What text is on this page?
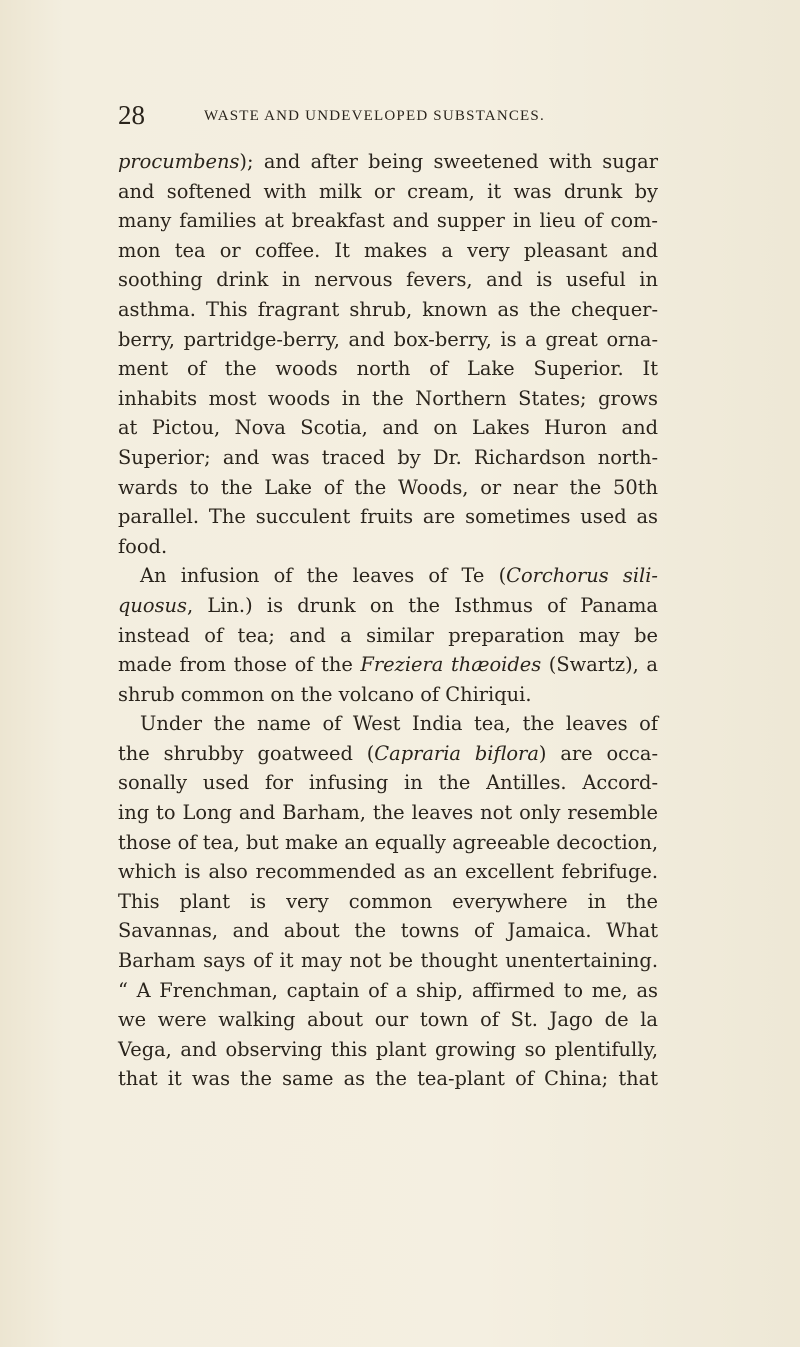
28	WASTE AND UNDEVELOPED SUBSTANCES.
procumbens); and after being sweetened with sugar
and softened with milk or cream, it was drunk by
many families at breakfast and supper in lieu of com-
mon tea or coffee. It makes a very pleasant and
soothing drink in nervous fevers, and is useful in
asthma. This fragrant shrub, known as the chequer-
berry, partridge-berry, and box-berry, is a great orna-
ment of the woods north of Lake Superior. It
inhabits most woods in the Northern States; grows
at Pictou, Nova Scotia, and on Lakes Huron and
Superior; and was traced by Dr. Richardson north-
wards to the Lake of the Woods, or near the 50th
parallel. The succulent fruits are sometimes used as
food.
An infusion of the leaves of Te (Corchorus sili-
quosus, Lin.) is drunk on the Isthmus of Panama
instead of tea; and a similar preparation may be
made from those of the Freziera thæoides (Swartz), a
shrub common on the volcano of Chiriqui.
Under the name of West India tea, the leaves of
the shrubby goatweed (Capraria biflora) are occa-
sonally used for infusing in the Antilles. Accord-
ing to Long and Barham, the leaves not only resemble
those of tea, but make an equally agreeable decoction,
which is also recommended as an excellent febrifuge.
This plant is very common everywhere in the
Savannas, and about the towns of Jamaica. What
Barham says of it may not be thought unentertaining.
“ A Frenchman, captain of a ship, affirmed to me, as
we were walking about our town of St. Jago de la
Vega, and observing this plant growing so plentifully,
that it was the same as the tea-plant of China; that
